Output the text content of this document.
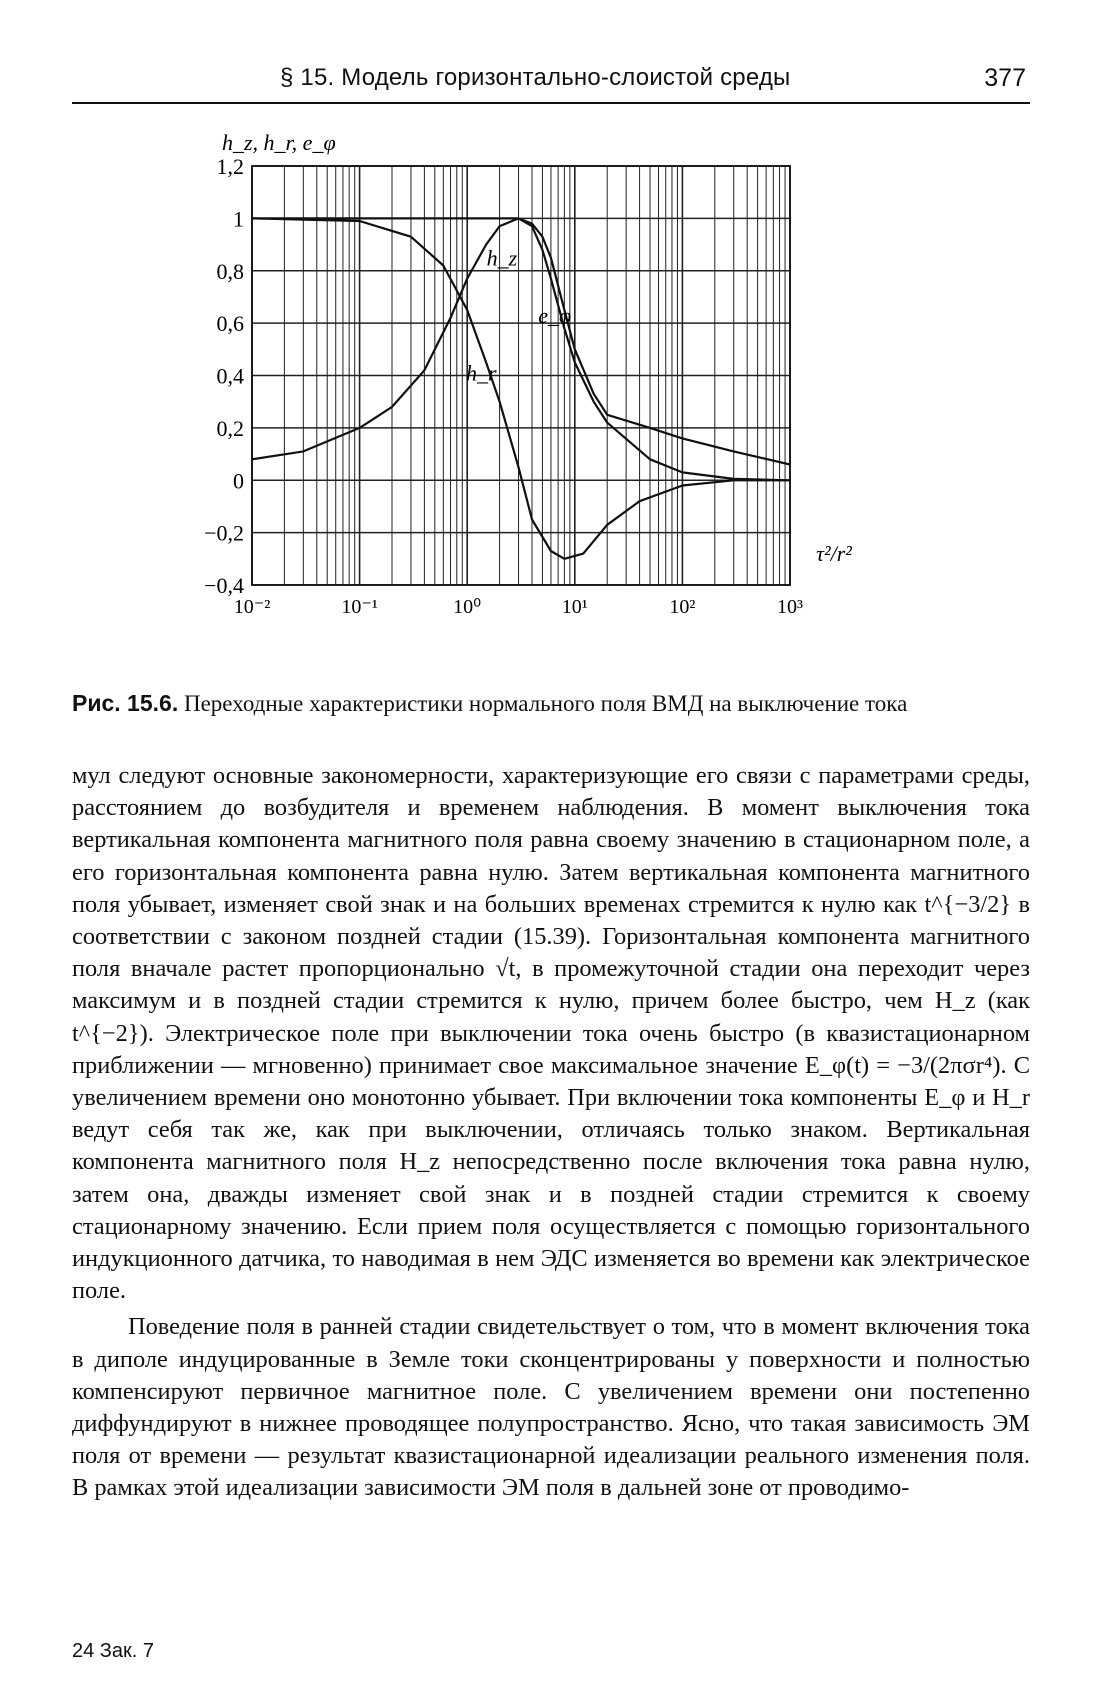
§ 15. Модель горизонтально-слоистой среды	377
1,2
1
0,8
0,6
0,4
0,2
0
−0,2
−0,4
10⁻²	10⁻¹	10⁰	10¹	10²	10³
h_z, h_r, e_φ
τ²/r²
h_z
h_r
e_φ
Рис. 15.6. Переходные характеристики нормального поля ВМД на выключение тока

мул следуют основные закономерности, характеризующие его связи с параметрами среды, расстоянием до возбудителя и временем наблюдения. В момент выключения тока вертикальная компонента магнитного поля равна своему значению в стационарном поле, а его горизонтальная компонента равна нулю. Затем вертикальная компонента магнитного поля убывает, изменяет свой знак и на больших временах стремится к нулю как t^{−3/2} в соответствии с законом поздней стадии (15.39). Горизонтальная компонента магнитного поля вначале растет пропорционально √t, в промежуточной стадии она переходит через максимум и в поздней стадии стремится к нулю, причем более быстро, чем H_z (как t^{−2}). Электрическое поле при выключении тока очень быстро (в квазистационарном приближении — мгновенно) принимает свое максимальное значение E_φ(t) = −3/(2πσr⁴). С увеличением времени оно монотонно убывает. При включении тока компоненты E_φ и H_r ведут себя так же, как при выключении, отличаясь только знаком. Вертикальная компонента магнитного поля H_z непосредственно после включения тока равна нулю, затем она, дважды изменяет свой знак и в поздней стадии стремится к своему стационарному значению. Если прием поля осуществляется с помощью горизонтального индукционного датчика, то наводимая в нем ЭДС изменяется во времени как электрическое поле.

Поведение поля в ранней стадии свидетельствует о том, что в момент включения тока в диполе индуцированные в Земле токи сконцентрированы у поверхности и полностью компенсируют первичное магнитное поле. С увеличением времени они постепенно диффундируют в нижнее проводящее полупространство. Ясно, что такая зависимость ЭМ поля от времени — результат квазистационарной идеализации реального изменения поля. В рамках этой идеализации зависимости ЭМ поля в дальней зоне от проводимо-

24 Зак. 7
